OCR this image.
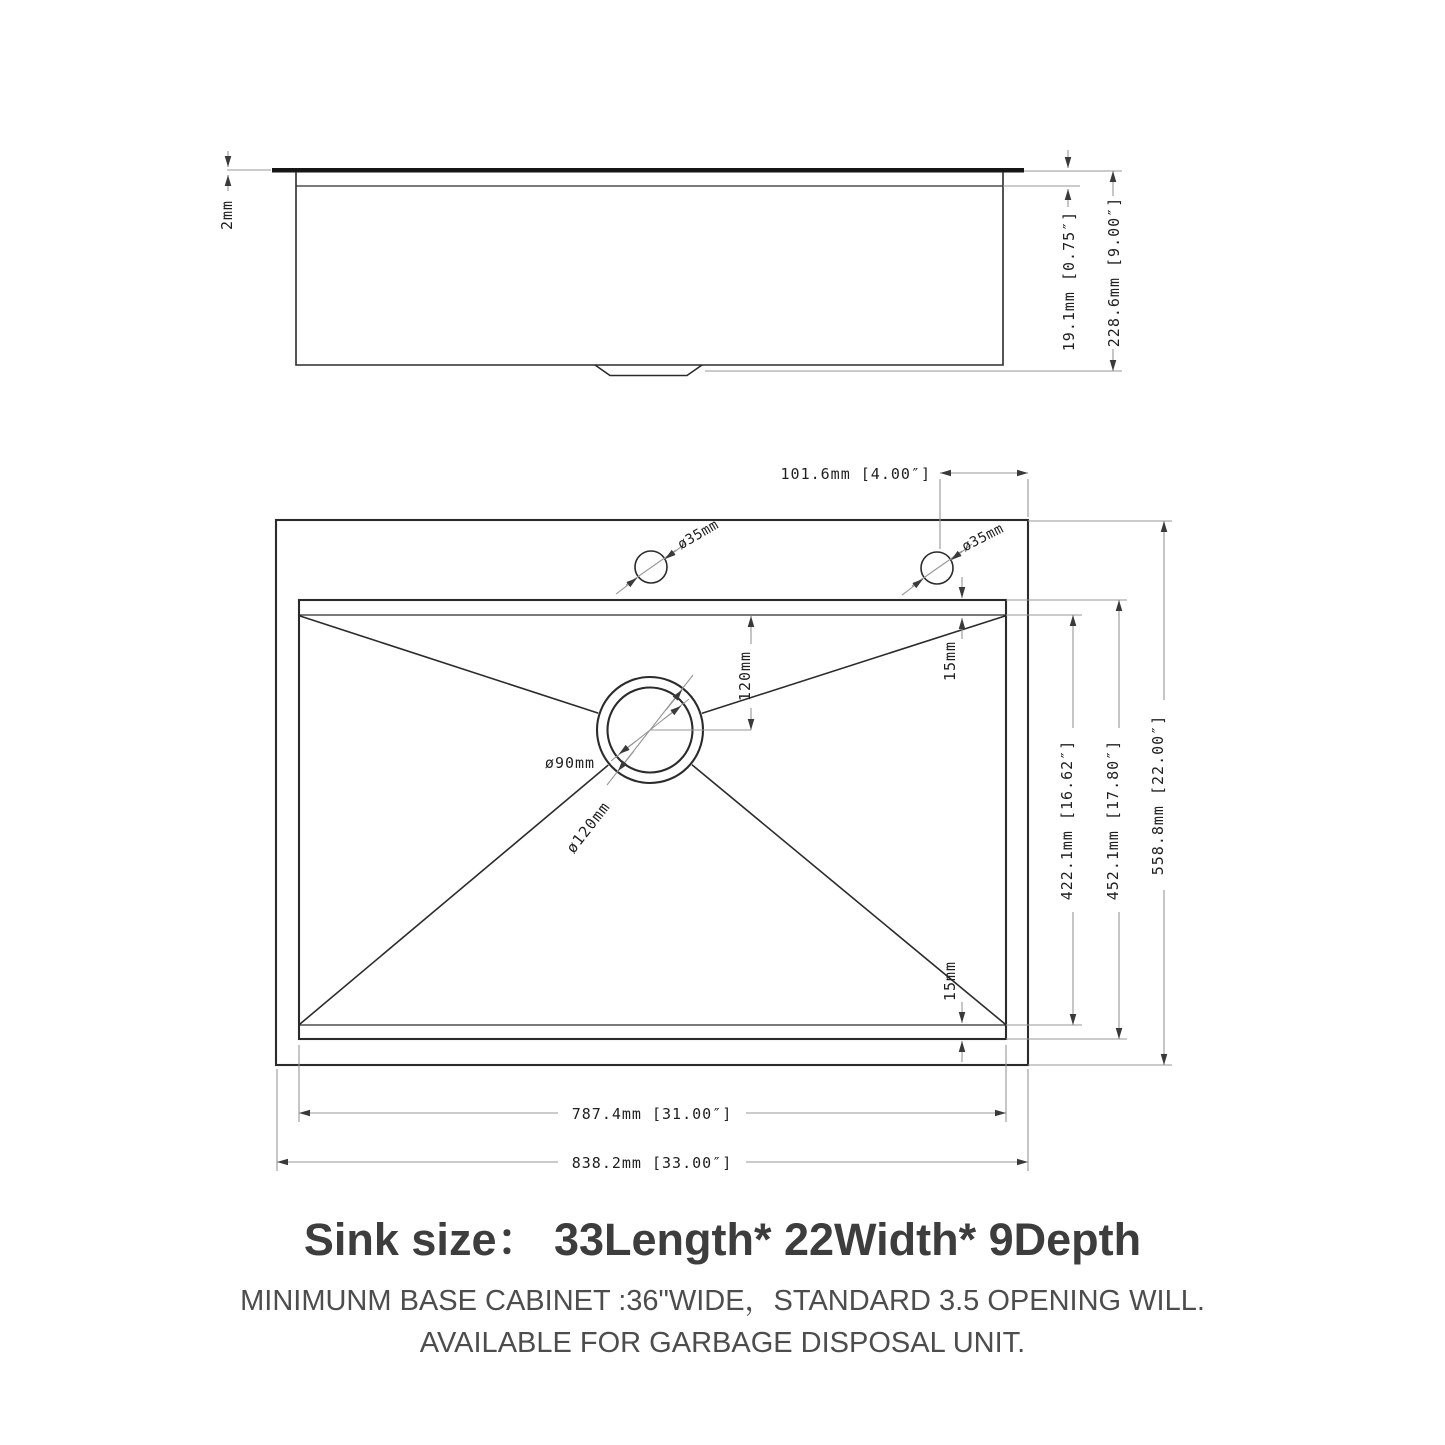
2mm	19.1mm [0.75″] 228.6mm [9.00″]
ø35mm	ø35mm
101.6mm [4.00″]
120mm
ø90mm
ø120mm
15mm
15mm
422.1mm [16.62″] 452.1mm [17.80″] 558.8mm [22.00″]
787.4mm [31.00″]
838.2mm [33.00″]
Sink size： 33Length* 22Width* 9Depth
MINIMUNM BASE CABINET :36"WIDE，STANDARD 3.5 OPENING WILL.
AVAILABLE FOR GARBAGE DISPOSAL UNIT.
